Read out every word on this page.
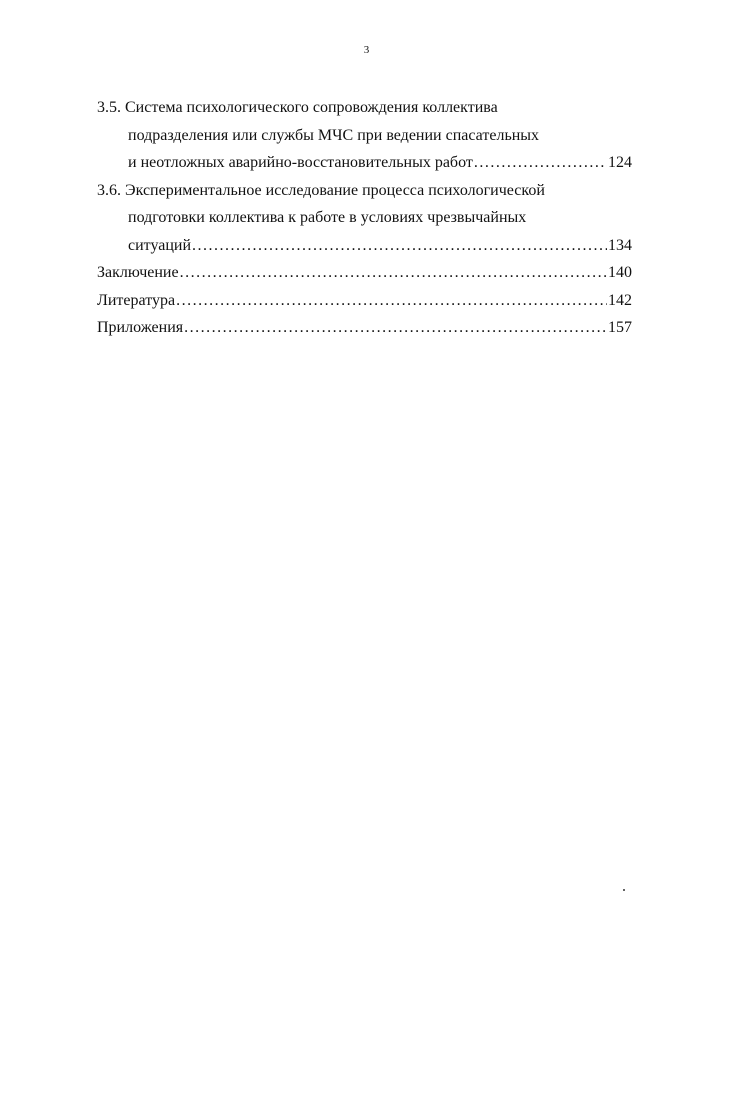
3
3.5. Система психологического сопровождения коллектива
подразделения или службы МЧС при ведении спасательных
и неотложных аварийно-восстановительных работ .....	124
3.6. Экспериментальное исследование процесса психологической
подготовки коллектива к работе в условиях чрезвычайных
ситуаций .....	134
Заключение .....	140
Литература .....	142
Приложения .....	157
